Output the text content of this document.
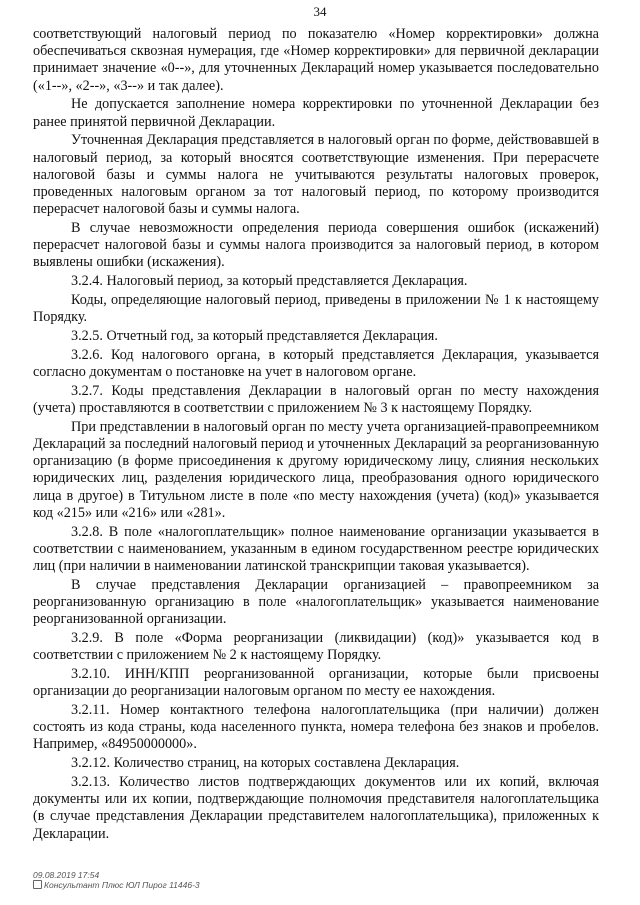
34

соответствующий налоговый период по показателю «Номер корректировки» должна обеспечиваться сквозная нумерация, где «Номер корректировки» для первичной декларации принимает значение «0--», для уточненных Деклараций номер указывается последовательно («1--», «2--», «3--» и так далее).

Не допускается заполнение номера корректировки по уточненной Декларации без ранее принятой первичной Декларации.

Уточненная Декларация представляется в налоговый орган по форме, действовавшей в налоговый период, за который вносятся соответствующие изменения. При перерасчете налоговой базы и суммы налога не учитываются результаты налоговых проверок, проведенных налоговым органом за тот налоговый период, по которому производится перерасчет налоговой базы и суммы налога.

В случае невозможности определения периода совершения ошибок (искажений) перерасчет налоговой базы и суммы налога производится за налоговый период, в котором выявлены ошибки (искажения).

3.2.4. Налоговый период, за который представляется Декларация.

Коды, определяющие налоговый период, приведены в приложении № 1 к настоящему Порядку.

3.2.5. Отчетный год, за который представляется Декларация.

3.2.6. Код налогового органа, в который представляется Декларация, указывается согласно документам о постановке на учет в налоговом органе.

3.2.7. Коды представления Декларации в налоговый орган по месту нахождения (учета) проставляются в соответствии с приложением № 3 к настоящему Порядку.

При представлении в налоговый орган по месту учета организацией-правопреемником Деклараций за последний налоговый период и уточненных Деклараций за реорганизованную организацию (в форме присоединения к другому юридическому лицу, слияния нескольких юридических лиц, разделения юридического лица, преобразования одного юридического лица в другое) в Титульном листе в поле «по месту нахождения (учета) (код)» указывается код «215» или «216» или «281».

3.2.8. В поле «налогоплательщик» полное наименование организации указывается в соответствии с наименованием, указанным в едином государственном реестре юридических лиц (при наличии в наименовании латинской транскрипции таковая указывается).

В случае представления Декларации организацией – правопреемником за реорганизованную организацию в поле «налогоплательщик» указывается наименование реорганизованной организации.

3.2.9. В поле «Форма реорганизации (ликвидации) (код)» указывается код в соответствии с приложением № 2 к настоящему Порядку.

3.2.10. ИНН/КПП реорганизованной организации, которые были присвоены организации до реорганизации налоговым органом по месту ее нахождения.

3.2.11. Номер контактного телефона налогоплательщика (при наличии) должен состоять из кода страны, кода населенного пункта, номера телефона без знаков и пробелов. Например, «84950000000».

3.2.12. Количество страниц, на которых составлена Декларация.

3.2.13. Количество листов подтверждающих документов или их копий, включая документы или их копии, подтверждающие полномочия представителя налогоплательщика (в случае представления Декларации представителем налогоплательщика), приложенных к Декларации.

09.08.2019 17:54
Консультант Плюс ЮЛ Пирог 11446-3
